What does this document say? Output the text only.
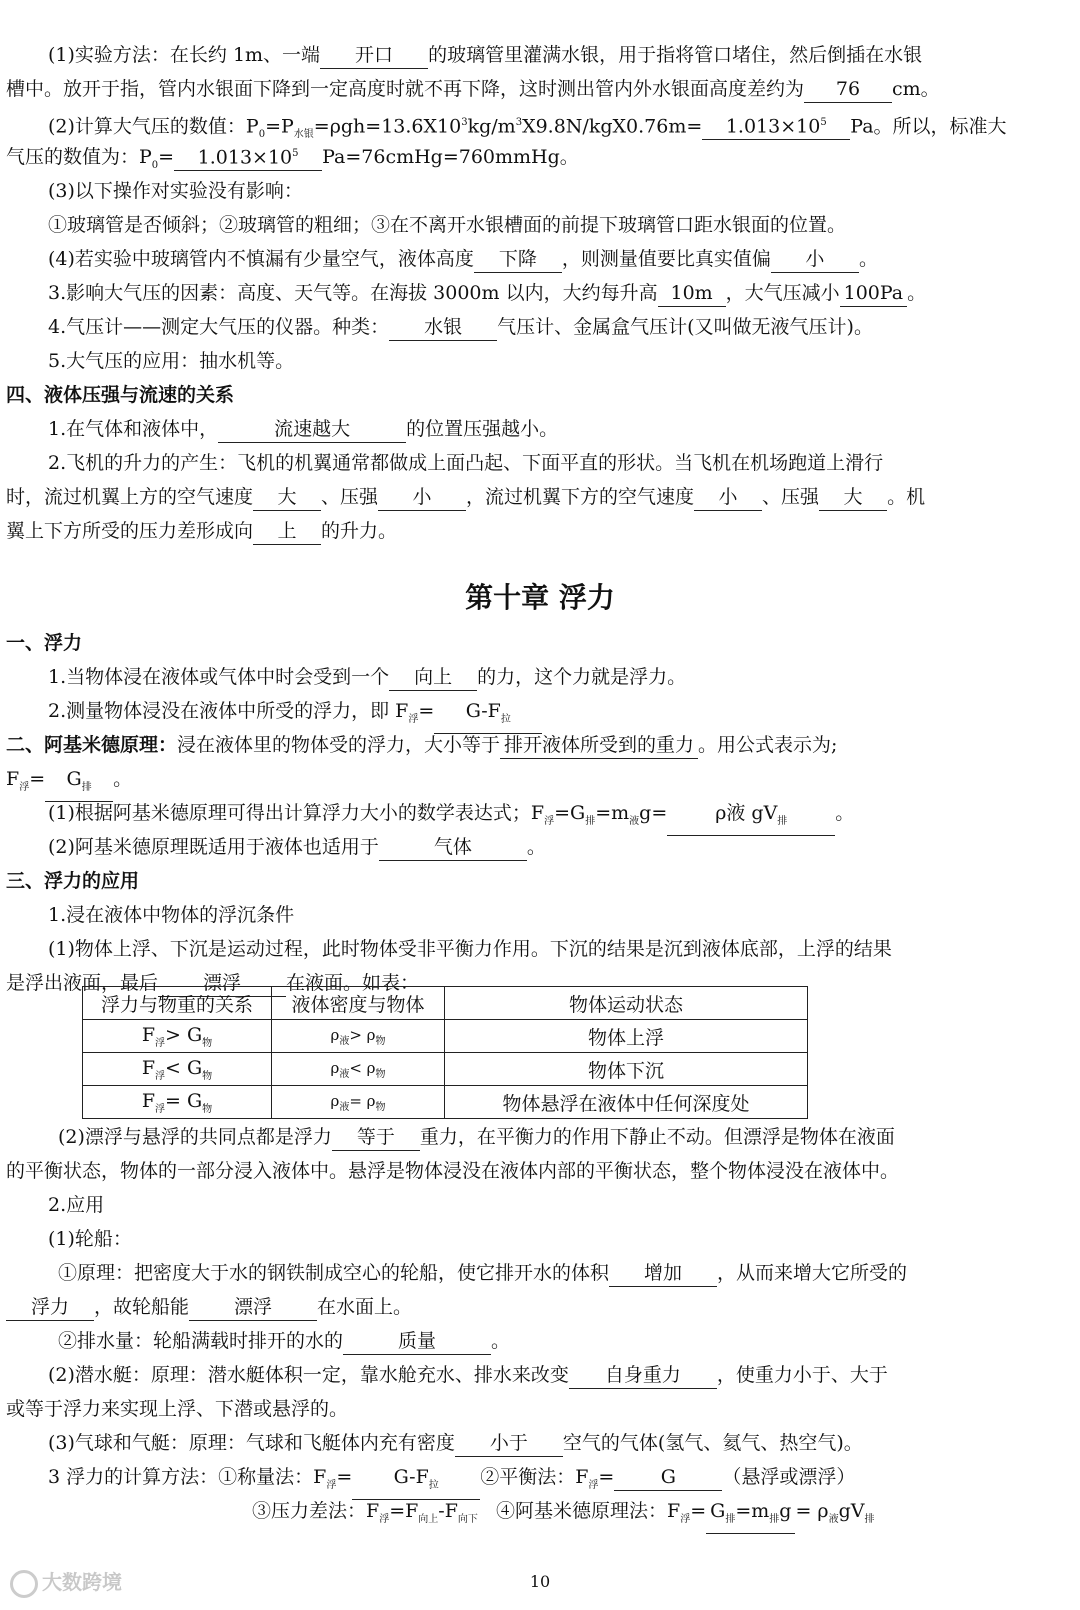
(1)实验方法：在长约 1m、一端 开口 的玻璃管里灌满水银，用于指将管口堵住，然后倒插在水银
槽中。放开于指，管内水银面下降到一定高度时就不再下降，这时测出管内外水银面高度差约为 76 cm。
(2)计算大气压的数值：$P_0=P_{水银}=\rho gh=13.6X10^3kg/m^3X9.8N/kgX0.76m= 1.013\times 10^5$ Pa。所以，标准大
气压的数值为：$P_0= 1.013\times 10^5$ Pa=76cmHg=760mmHg。
(3)以下操作对实验没有影响：
①玻璃管是否倾斜；②玻璃管的粗细；③在不离开水银槽面的前提下玻璃管口距水银面的位置。
(4)若实验中玻璃管内不慎漏有少量空气，液体高度 下降 ，则测量值要比真实值偏 小 。
3.影响大气压的因素：高度、天气等。在海拔 3000m 以内，大约每升高 10m ，大气压减小 100Pa 。
4.气压计——测定大气压的仪器。种类： 水银 气压计、金属盒气压计(又叫做无液气压计)。
5.大气压的应用：抽水机等。
四、液体压强与流速的关系
1.在气体和液体中，	流速越大	的位置压强越小。
2.飞机的升力的产生：飞机的机翼通常都做成上面凸起、下面平直的形状。当飞机在机场跑道上滑行
时，流过机翼上方的空气速度 大 、压强 小 ，流过机翼下方的空气速度 小 、压强 大 。机
翼上下方所受的压力差形成向 上 的升力。
第十章 浮力
一、浮力
1.当物体浸在液体或气体中时会受到一个 向上 的力，这个力就是浮力。
2.测量物体浸没在液体中所受的浮力，即 $F_浮= G-F_拉$
二、阿基米德原理：浸在液体里的物体受的浮力，大小等于 排开液体所受到的重力 。用公式表示为;
$F_浮= G_排$ 。
(1)根据阿基米德原理可得出计算浮力大小的数学表达式；$F_浮=G_排=m_液g=$	ρ液 $gV_排$	。
(2)阿基米德原理既适用于液体也适用于	气体	。
三、浮力的应用
1.浸在液体中物体的浮沉条件
(1)物体上浮、下沉是运动过程，此时物体受非平衡力作用。下沉的结果是沉到液体底部，上浮的结果
是浮出液面，最后 漂浮 在液面。如表：
浮力与物重的关系	液体密度与物体	物体运动状态
$F_浮> G_物$	$\rho_液> \rho_物$	物体上浮
$F_浮< G_物$	$\rho_液< \rho_物$	物体下沉
$F_浮= G_物$	$\rho_液= \rho_物$	物体悬浮在液体中任何深度处
(2)漂浮与悬浮的共同点都是浮力 等于 重力，在平衡力的作用下静止不动。但漂浮是物体在液面
的平衡状态，物体的一部分浸入液体中。悬浮是物体浸没在液体内部的平衡状态，整个物体浸没在液体中。
2.应用
(1)轮船：
①原理：把密度大于水的钢铁制成空心的轮船，使它排开水的体积 增加 ，从而来增大它所受的
浮力 ，故轮船能 漂浮 在水面上。
②排水量：轮船满载时排开的水的	质量	。
(2)潜水艇：原理：潜水艇体积一定，靠水舱充水、排水来改变 自身重力 ，使重力小于、大于
或等于浮力来实现上浮、下潜或悬浮的。
(3)气球和气艇：原理：气球和飞艇体内充有密度 小于 空气的气体(氢气、氦气、热空气)。
3 浮力的计算方法：①称量法：$F_浮= G-F_拉$ ②平衡法：$F_浮= G$ （悬浮或漂浮）
③压力差法：$F_浮=F_{向上}-F_{向下}$ ④阿基米德原理法：$F_浮= G_排=m_排g = \rho_液gV_排$
大数跨境	10
